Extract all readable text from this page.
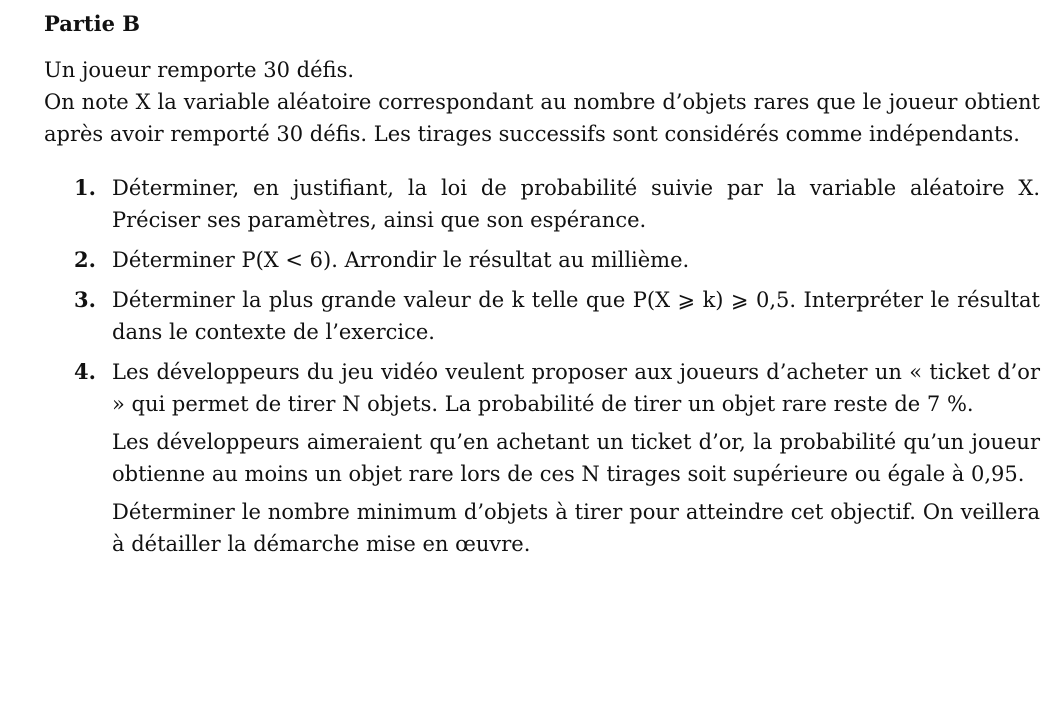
Partie B

Un joueur remporte 30 défis.

On note X la variable aléatoire correspondant au nombre d’objets rares que le joueur obtient après avoir remporté 30 défis. Les tirages successifs sont considérés comme indépendants.

1. Déterminer, en justifiant, la loi de probabilité suivie par la variable aléatoire X. Préciser ses paramètres, ainsi que son espérance.
2. Déterminer P(X < 6). Arrondir le résultat au millième.
3. Déterminer la plus grande valeur de k telle que P(X ⩾ k) ⩾ 0,5. Interpréter le résultat dans le contexte de l’exercice.
4. Les développeurs du jeu vidéo veulent proposer aux joueurs d’acheter un « ticket d’or » qui permet de tirer N objets. La probabilité de tirer un objet rare reste de 7 %.
Les développeurs aimeraient qu’en achetant un ticket d’or, la probabilité qu’un joueur obtienne au moins un objet rare lors de ces N tirages soit supérieure ou égale à 0,95.
Déterminer le nombre minimum d’objets à tirer pour atteindre cet objectif. On veillera à détailler la démarche mise en œuvre.
